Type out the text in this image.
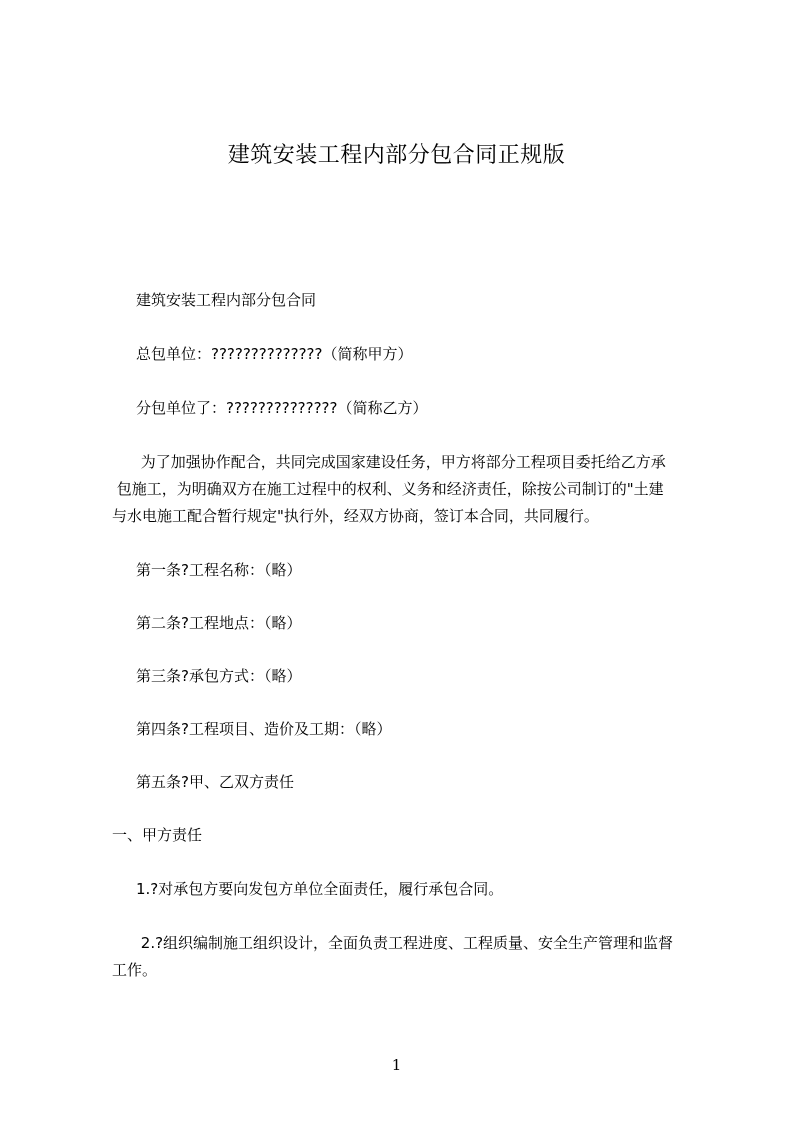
建筑安装工程内部分包合同正规版

建筑安装工程内部分包合同

总包单位：??????????????（简称甲方）

分包单位了：??????????????（简称乙方）

为了加强协作配合，共同完成国家建设任务，甲方将部分工程项目委托给乙方承

包施工，为明确双方在施工过程中的权利、义务和经济责任，除按公司制订的"土建

与水电施工配合暂行规定"执行外，经双方协商，签订本合同，共同履行。

第一条?工程名称：（略）

第二条?工程地点：（略）

第三条?承包方式：（略）

第四条?工程项目、造价及工期：（略）

第五条?甲、乙双方责任

一、甲方责任

1.?对承包方要向发包方单位全面责任，履行承包合同。

2.?组织编制施工组织设计，全面负责工程进度、工程质量、安全生产管理和监督

工作。

1
